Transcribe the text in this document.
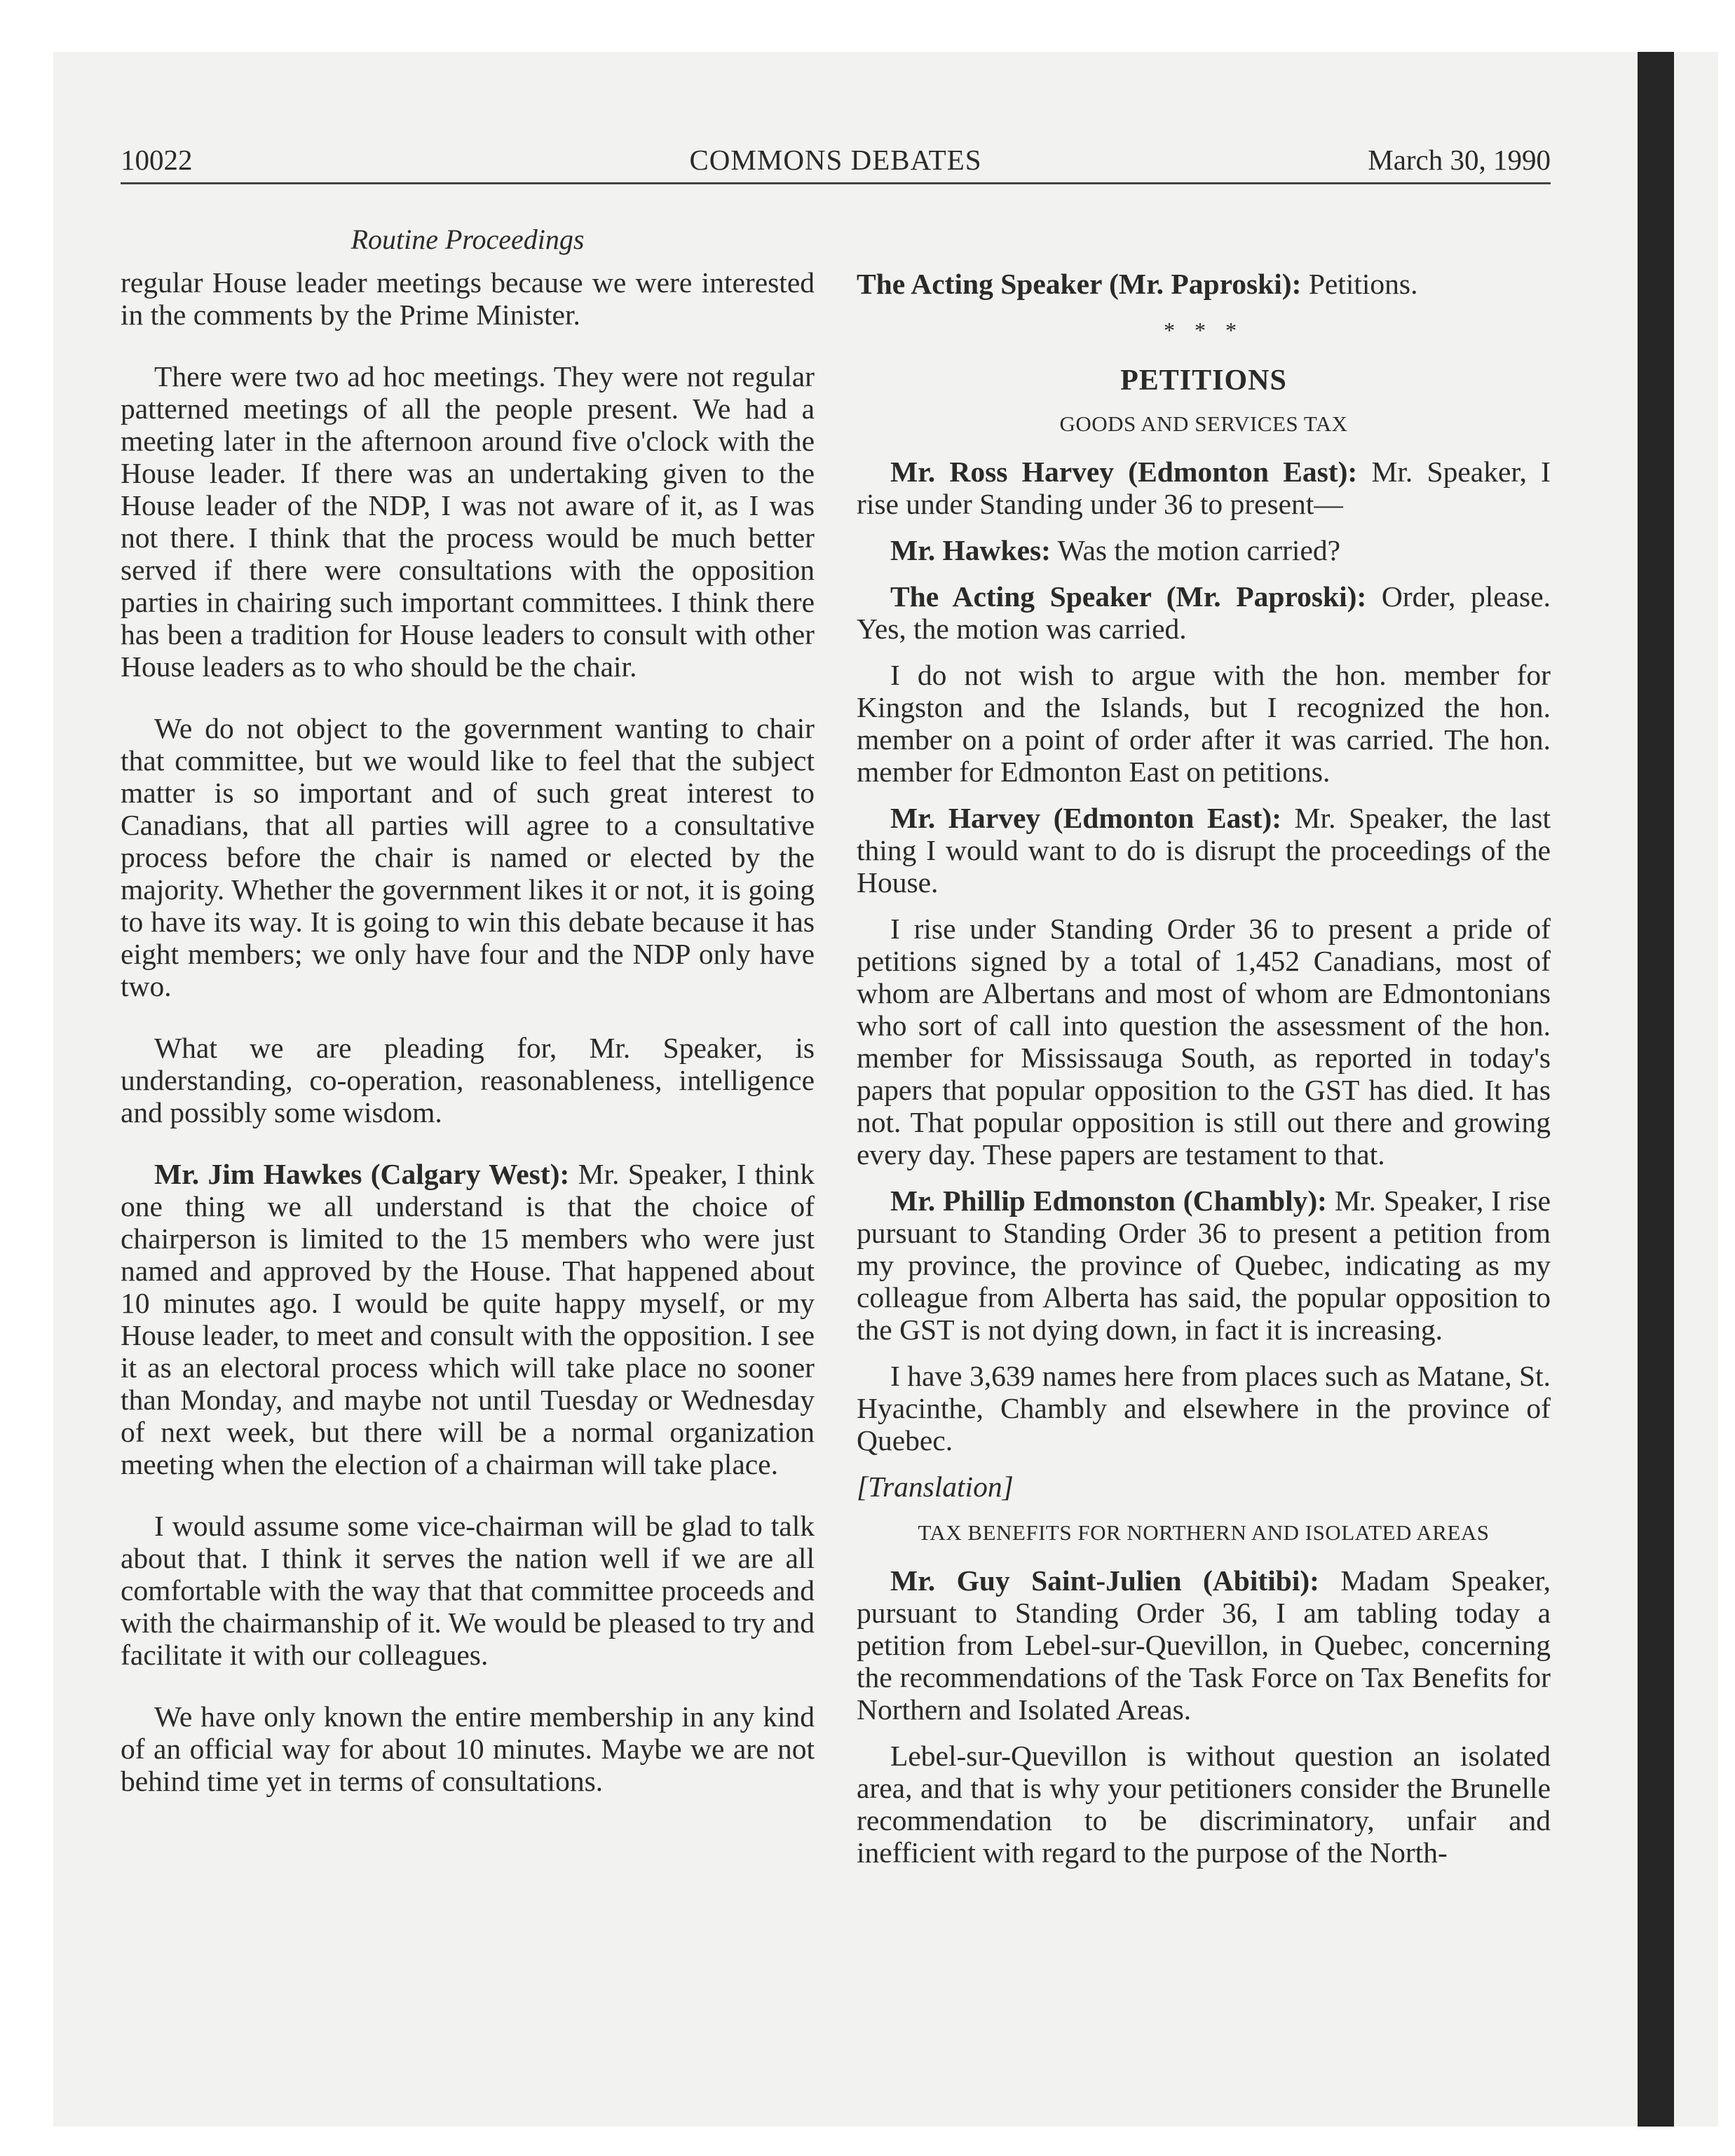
10022	COMMONS DEBATES	March 30, 1990
Routine Proceedings

regular House leader meetings because we were interested in the comments by the Prime Minister.

There were two ad hoc meetings. They were not regular patterned meetings of all the people present. We had a meeting later in the afternoon around five o'clock with the House leader. If there was an undertaking given to the House leader of the NDP, I was not aware of it, as I was not there. I think that the process would be much better served if there were consultations with the opposition parties in chairing such important committees. I think there has been a tradition for House leaders to consult with other House leaders as to who should be the chair.

We do not object to the government wanting to chair that committee, but we would like to feel that the subject matter is so important and of such great interest to Canadians, that all parties will agree to a consultative process before the chair is named or elected by the majority. Whether the government likes it or not, it is going to have its way. It is going to win this debate because it has eight members; we only have four and the NDP only have two.

What we are pleading for, Mr. Speaker, is understanding, co-operation, reasonableness, intelligence and possibly some wisdom.

Mr. Jim Hawkes (Calgary West): Mr. Speaker, I think one thing we all understand is that the choice of chairperson is limited to the 15 members who were just named and approved by the House. That happened about 10 minutes ago. I would be quite happy myself, or my House leader, to meet and consult with the opposition. I see it as an electoral process which will take place no sooner than Monday, and maybe not until Tuesday or Wednesday of next week, but there will be a normal organization meeting when the election of a chairman will take place.

I would assume some vice-chairman will be glad to talk about that. I think it serves the nation well if we are all comfortable with the way that that committee proceeds and with the chairmanship of it. We would be pleased to try and facilitate it with our colleagues.

We have only known the entire membership in any kind of an official way for about 10 minutes. Maybe we are not behind time yet in terms of consultations.

The Acting Speaker (Mr. Paproski): Petitions.

* * *
PETITIONS
GOODS AND SERVICES TAX

Mr. Ross Harvey (Edmonton East): Mr. Speaker, I rise under Standing under 36 to present—

Mr. Hawkes: Was the motion carried?

The Acting Speaker (Mr. Paproski): Order, please. Yes, the motion was carried.

I do not wish to argue with the hon. member for Kingston and the Islands, but I recognized the hon. member on a point of order after it was carried. The hon. member for Edmonton East on petitions.

Mr. Harvey (Edmonton East): Mr. Speaker, the last thing I would want to do is disrupt the proceedings of the House.

I rise under Standing Order 36 to present a pride of petitions signed by a total of 1,452 Canadians, most of whom are Albertans and most of whom are Edmontonians who sort of call into question the assessment of the hon. member for Mississauga South, as reported in today's papers that popular opposition to the GST has died. It has not. That popular opposition is still out there and growing every day. These papers are testament to that.

Mr. Phillip Edmonston (Chambly): Mr. Speaker, I rise pursuant to Standing Order 36 to present a petition from my province, the province of Quebec, indicating as my colleague from Alberta has said, the popular opposition to the GST is not dying down, in fact it is increasing.

I have 3,639 names here from places such as Matane, St. Hyacinthe, Chambly and elsewhere in the province of Quebec.

[Translation]

TAX BENEFITS FOR NORTHERN AND ISOLATED AREAS

Mr. Guy Saint-Julien (Abitibi): Madam Speaker, pursuant to Standing Order 36, I am tabling today a petition from Lebel-sur-Quevillon, in Quebec, concerning the recommendations of the Task Force on Tax Benefits for Northern and Isolated Areas.

Lebel-sur-Quevillon is without question an isolated area, and that is why your petitioners consider the Brunelle recommendation to be discriminatory, unfair and inefficient with regard to the purpose of the North-
